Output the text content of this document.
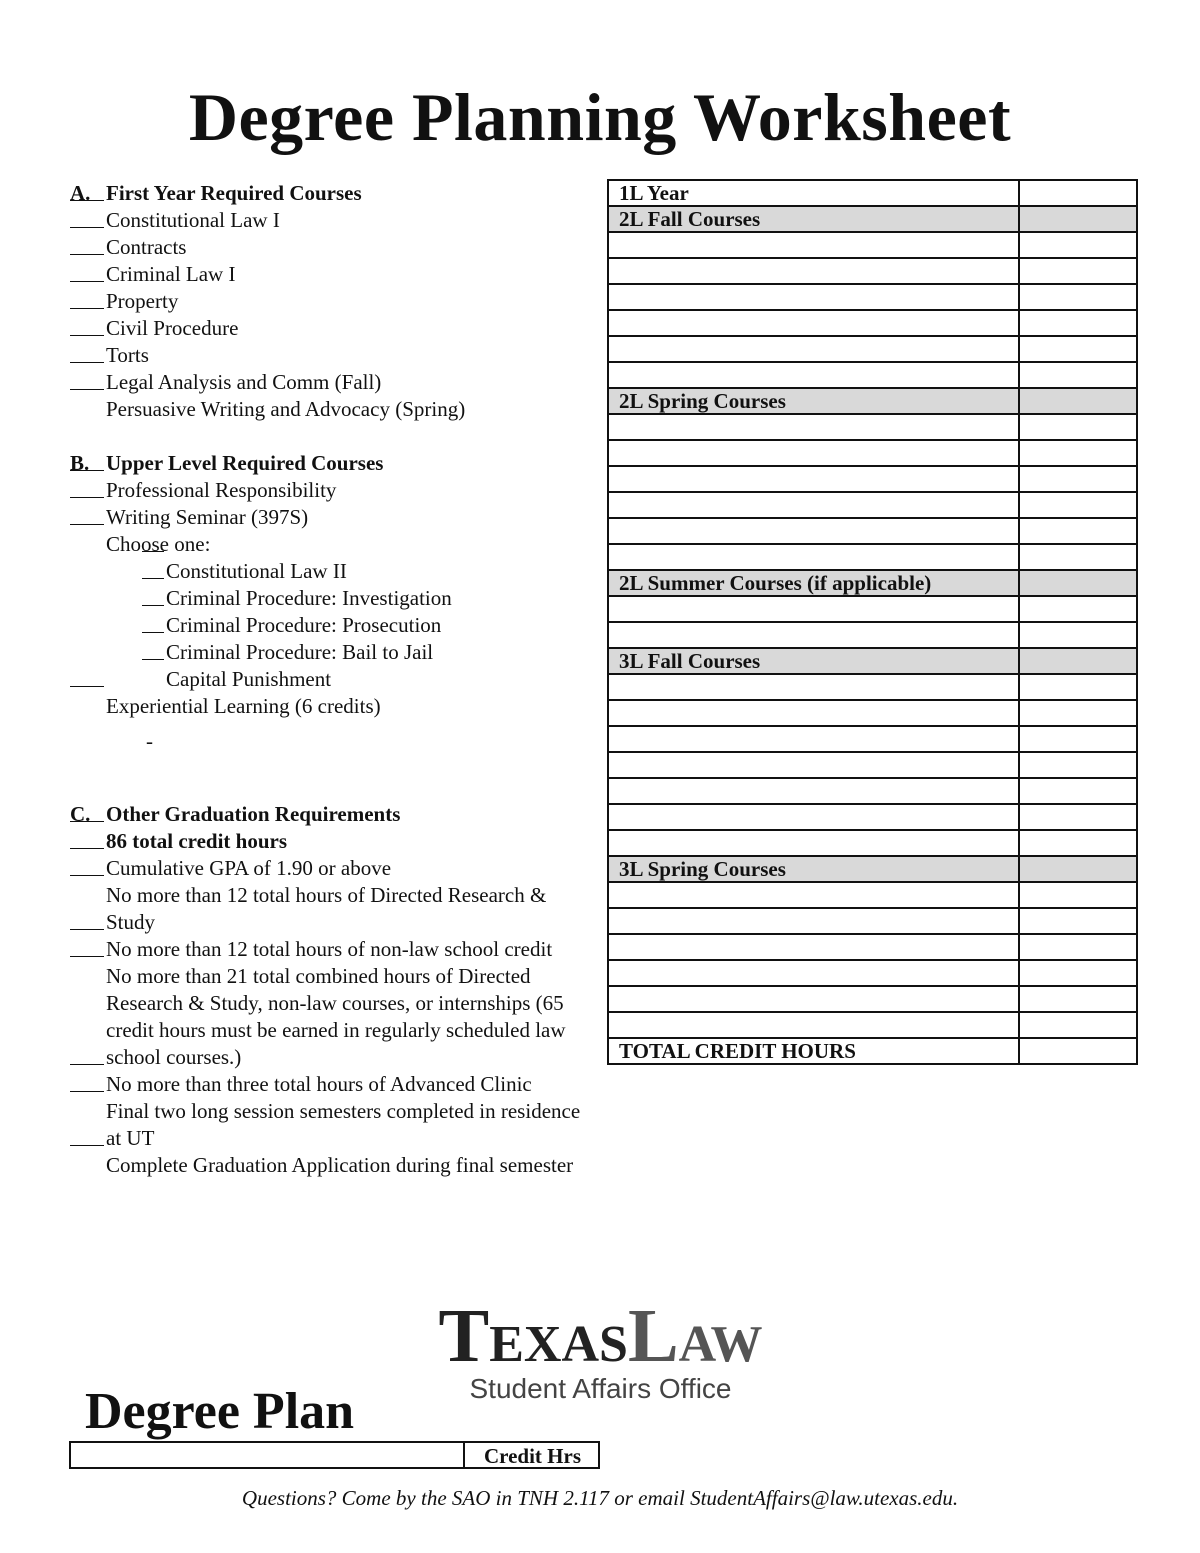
Degree Planning Worksheet
A. First Year Required Courses
Constitutional Law I
Contracts
Criminal Law I
Property
Civil Procedure
Torts
Legal Analysis and Comm (Fall)
Persuasive Writing and Advocacy (Spring)
B. Upper Level Required Courses
Professional Responsibility
Writing Seminar (397S)
Choose one:
Constitutional Law II
Criminal Procedure: Investigation
Criminal Procedure: Prosecution
Criminal Procedure: Bail to Jail
Capital Punishment
Experiential Learning (6 credits)
-
C. Other Graduation Requirements
86 total credit hours
Cumulative GPA of 1.90 or above
No more than 12 total hours of Directed Research & Study
No more than 12 total hours of non-law school credit
No more than 21 total combined hours of Directed Research & Study, non-law courses, or internships (65 credit hours must be earned in regularly scheduled law school courses.)
No more than three total hours of Advanced Clinic
Final two long session semesters completed in residence at UT
Complete Graduation Application during final semester
1L Year	
2L Fall Courses	

2L Spring Courses	

2L Summer Courses (if applicable)	

3L Fall Courses	

3L Spring Courses	

TOTAL CREDIT HOURS	
TEXASLAW
Student Affairs Office
Degree Plan
Credit Hrs
Questions? Come by the SAO in TNH 2.117 or email StudentAffairs@law.utexas.edu.
